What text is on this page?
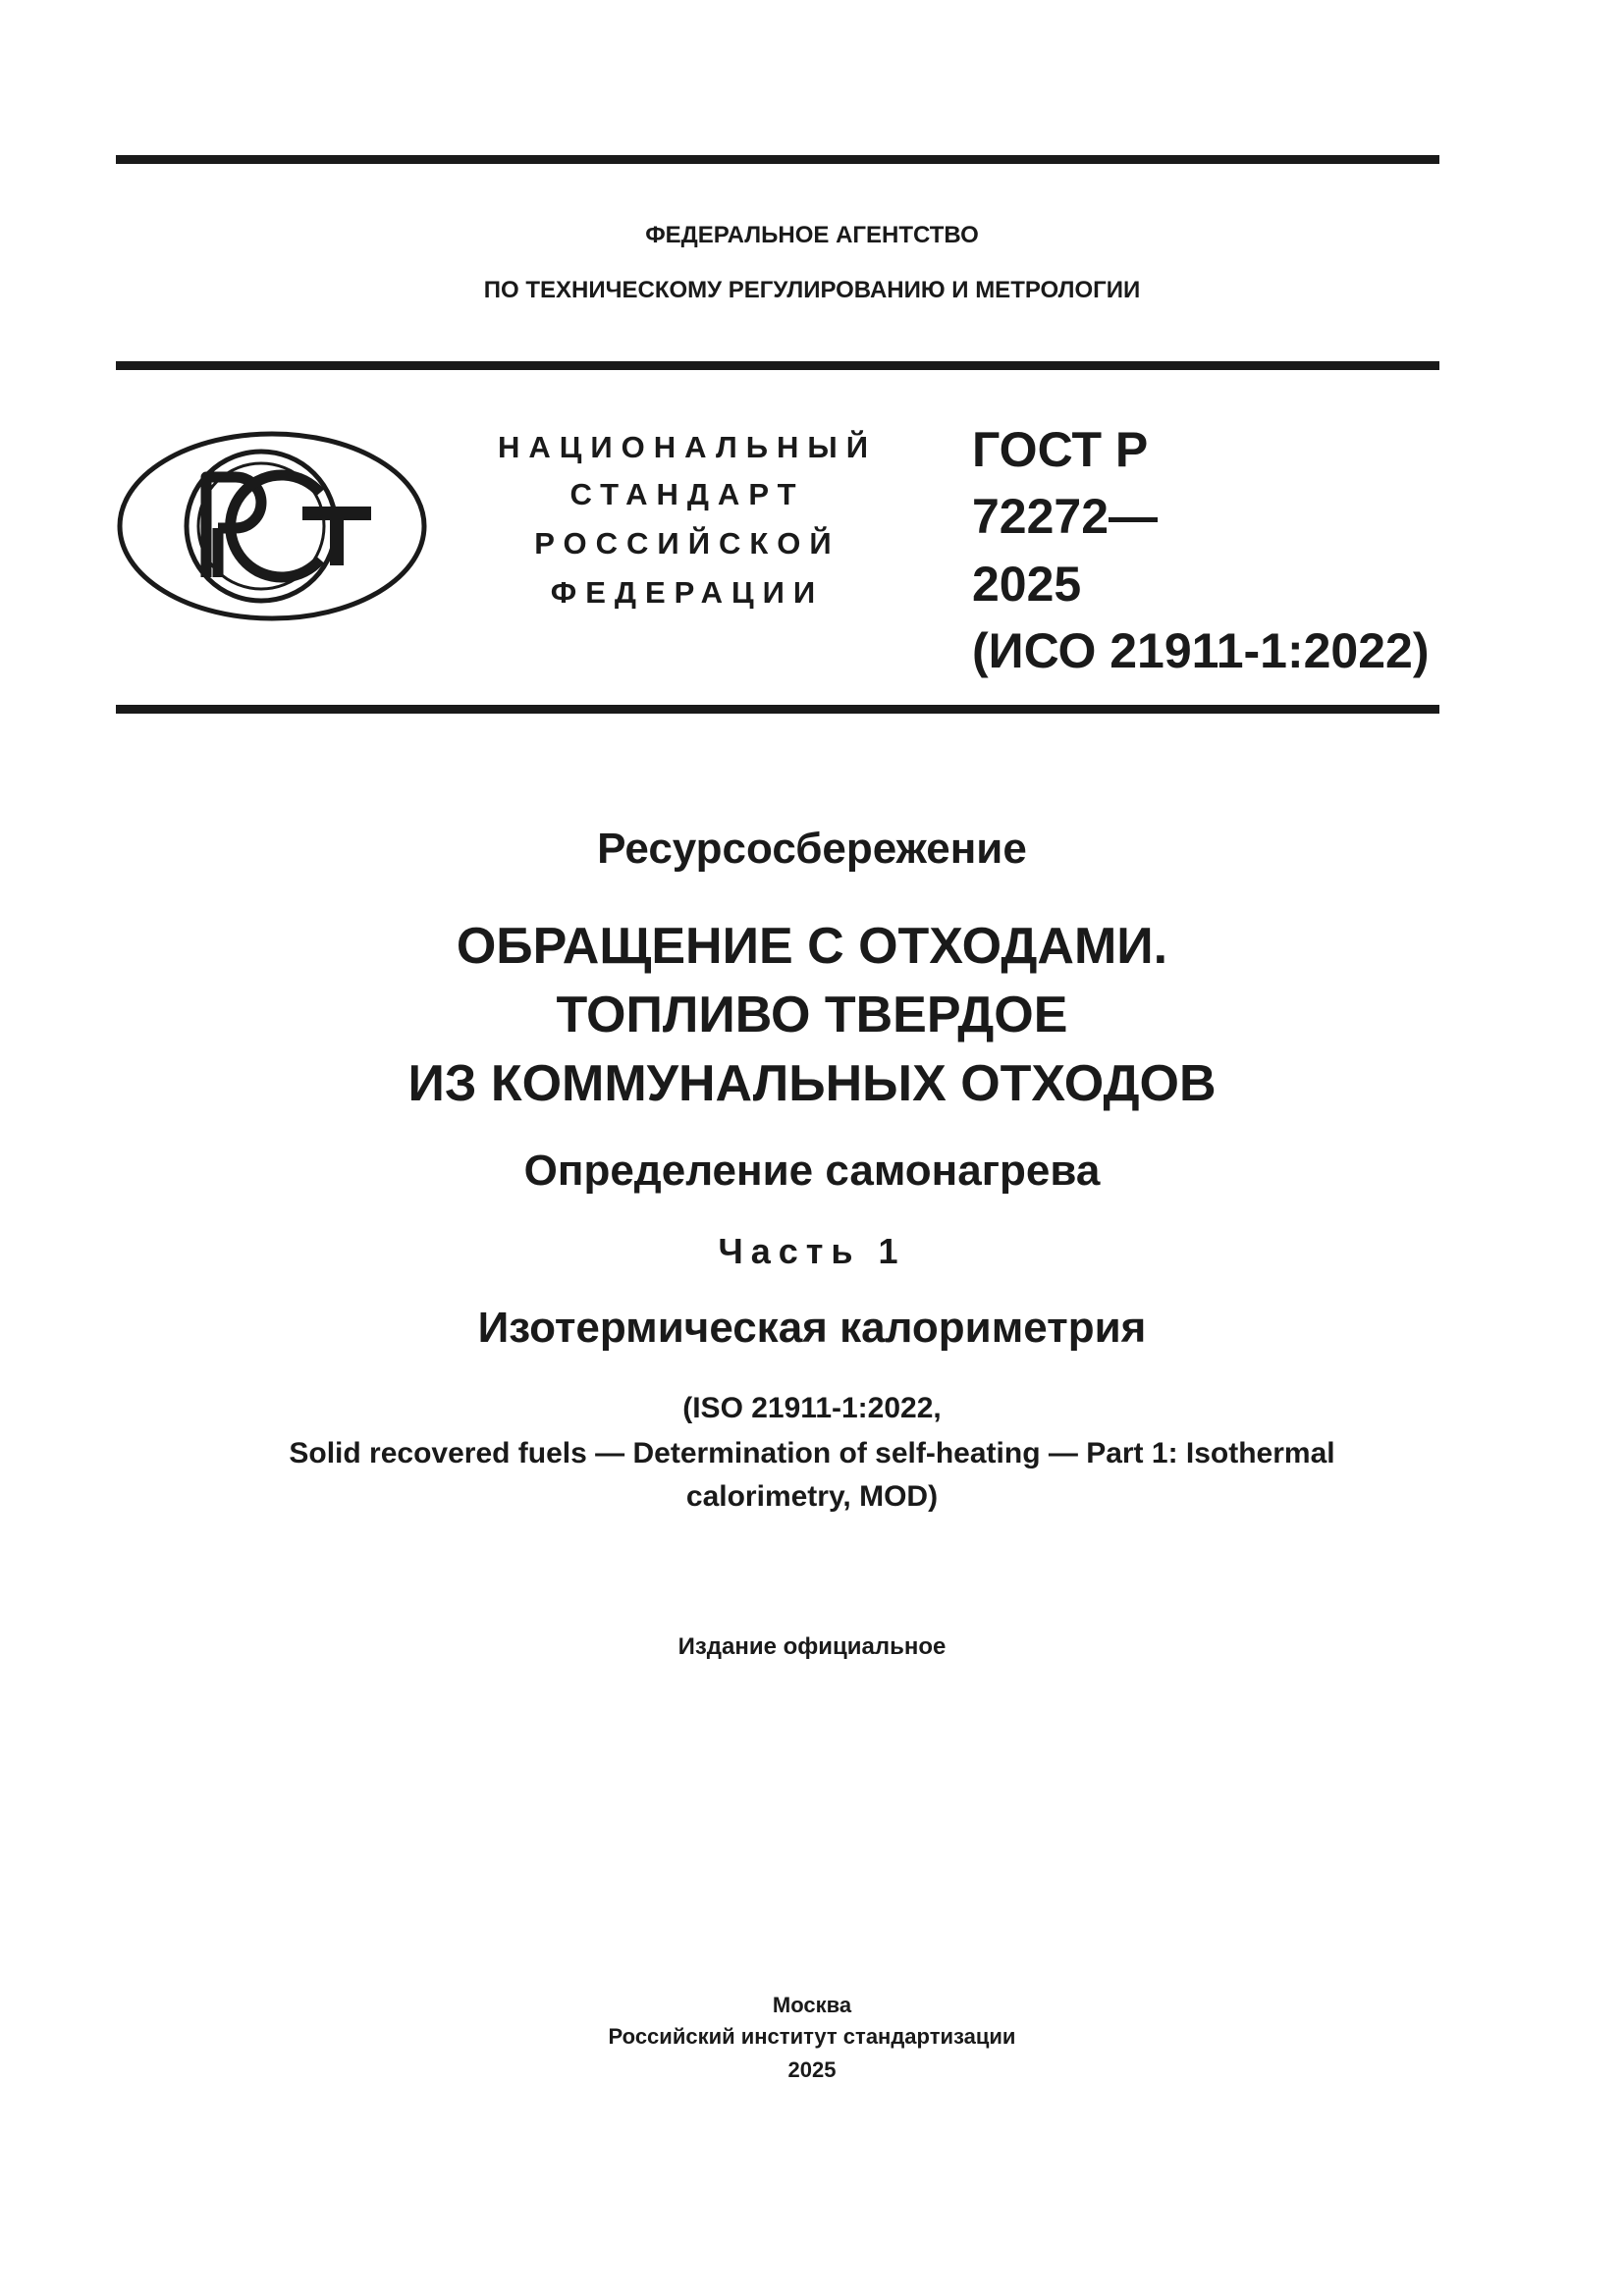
ФЕДЕРАЛЬНОЕ АГЕНТСТВО
ПО ТЕХНИЧЕСКОМУ РЕГУЛИРОВАНИЮ И МЕТРОЛОГИИ
НАЦИОНАЛЬНЫЙ
СТАНДАРТ
РОССИЙСКОЙ
ФЕДЕРАЦИИ
ГОСТ Р
72272—
2025
(ИСО 21911-1:2022)
Ресурсосбережение
ОБРАЩЕНИЕ С ОТХОДАМИ.
ТОПЛИВО ТВЕРДОЕ
ИЗ КОММУНАЛЬНЫХ ОТХОДОВ
Определение самонагрева
Часть 1
Изотермическая калориметрия
(ISO 21911-1:2022,
Solid recovered fuels — Determination of self-heating — Part 1: Isothermal
calorimetry, MOD)
Издание официальное
Москва
Российский институт стандартизации
2025
